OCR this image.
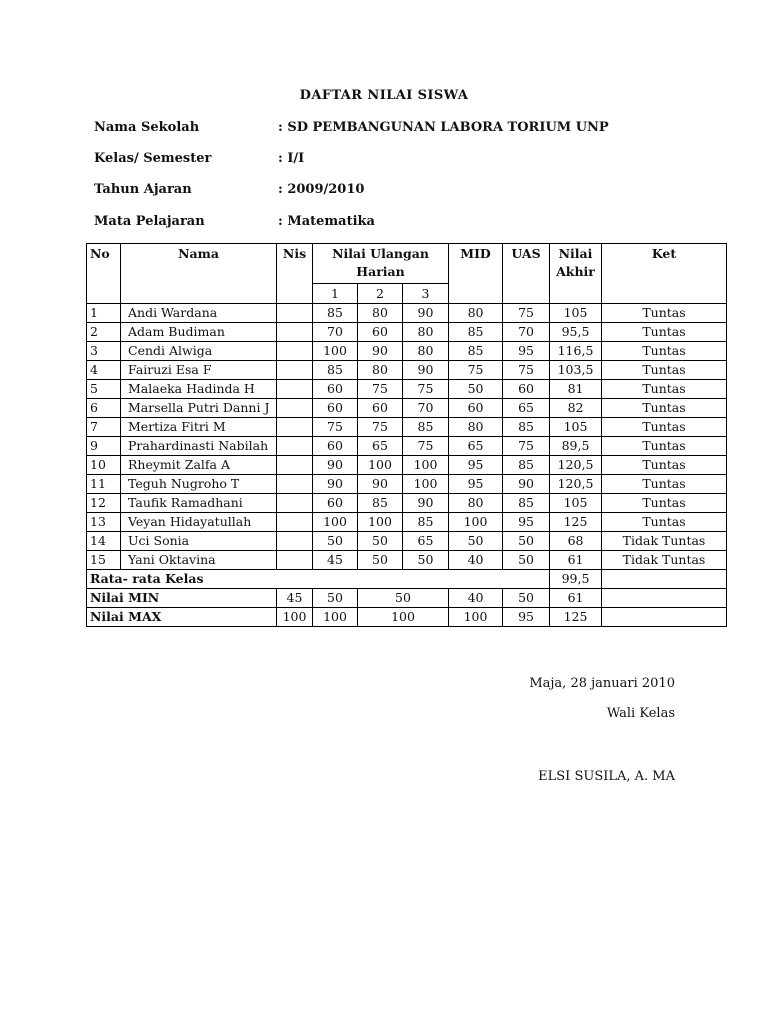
DAFTAR NILAI SISWA
Nama Sekolah	: SD PEMBANGUNAN LABORA TORIUM UNP
Kelas/ Semester	: I/I
Tahun Ajaran	: 2009/2010
Mata Pelajaran	: Matematika
No	Nama	Nis	Nilai Ulangan Harian			MID	UAS	Nilai Akhir	Ket
			1	2	3				
1	Andi Wardana		85	80	90	80	75	105	Tuntas
2	Adam Budiman		70	60	80	85	70	95,5	Tuntas
3	Cendi Alwiga		100	90	80	85	95	116,5	Tuntas
4	Fairuzi Esa F		85	80	90	75	75	103,5	Tuntas
5	Malaeka Hadinda H		60	75	75	50	60	81	Tuntas
6	Marsella Putri Danni J		60	60	70	60	65	82	Tuntas
7	Mertiza Fitri M		75	75	85	80	85	105	Tuntas
9	Prahardinasti Nabilah		60	65	75	65	75	89,5	Tuntas
10	Rheymit Zalfa A		90	100	100	95	85	120,5	Tuntas
11	Teguh Nugroho T		90	90	100	95	90	120,5	Tuntas
12	Taufik Ramadhani		60	85	90	80	85	105	Tuntas
13	Veyan Hidayatullah		100	100	85	100	95	125	Tuntas
14	Uci Sonia		50	50	65	50	50	68	Tidak Tuntas
15	Yani Oktavina		45	50	50	40	50	61	Tidak Tuntas
Rata- rata Kelas								99,5	
Nilai MIN		45	50	50		40	50	61	
Nilai MAX		100	100	100		100	95	125	
Maja, 28 januari 2010
Wali Kelas
ELSI SUSILA, A. MA
